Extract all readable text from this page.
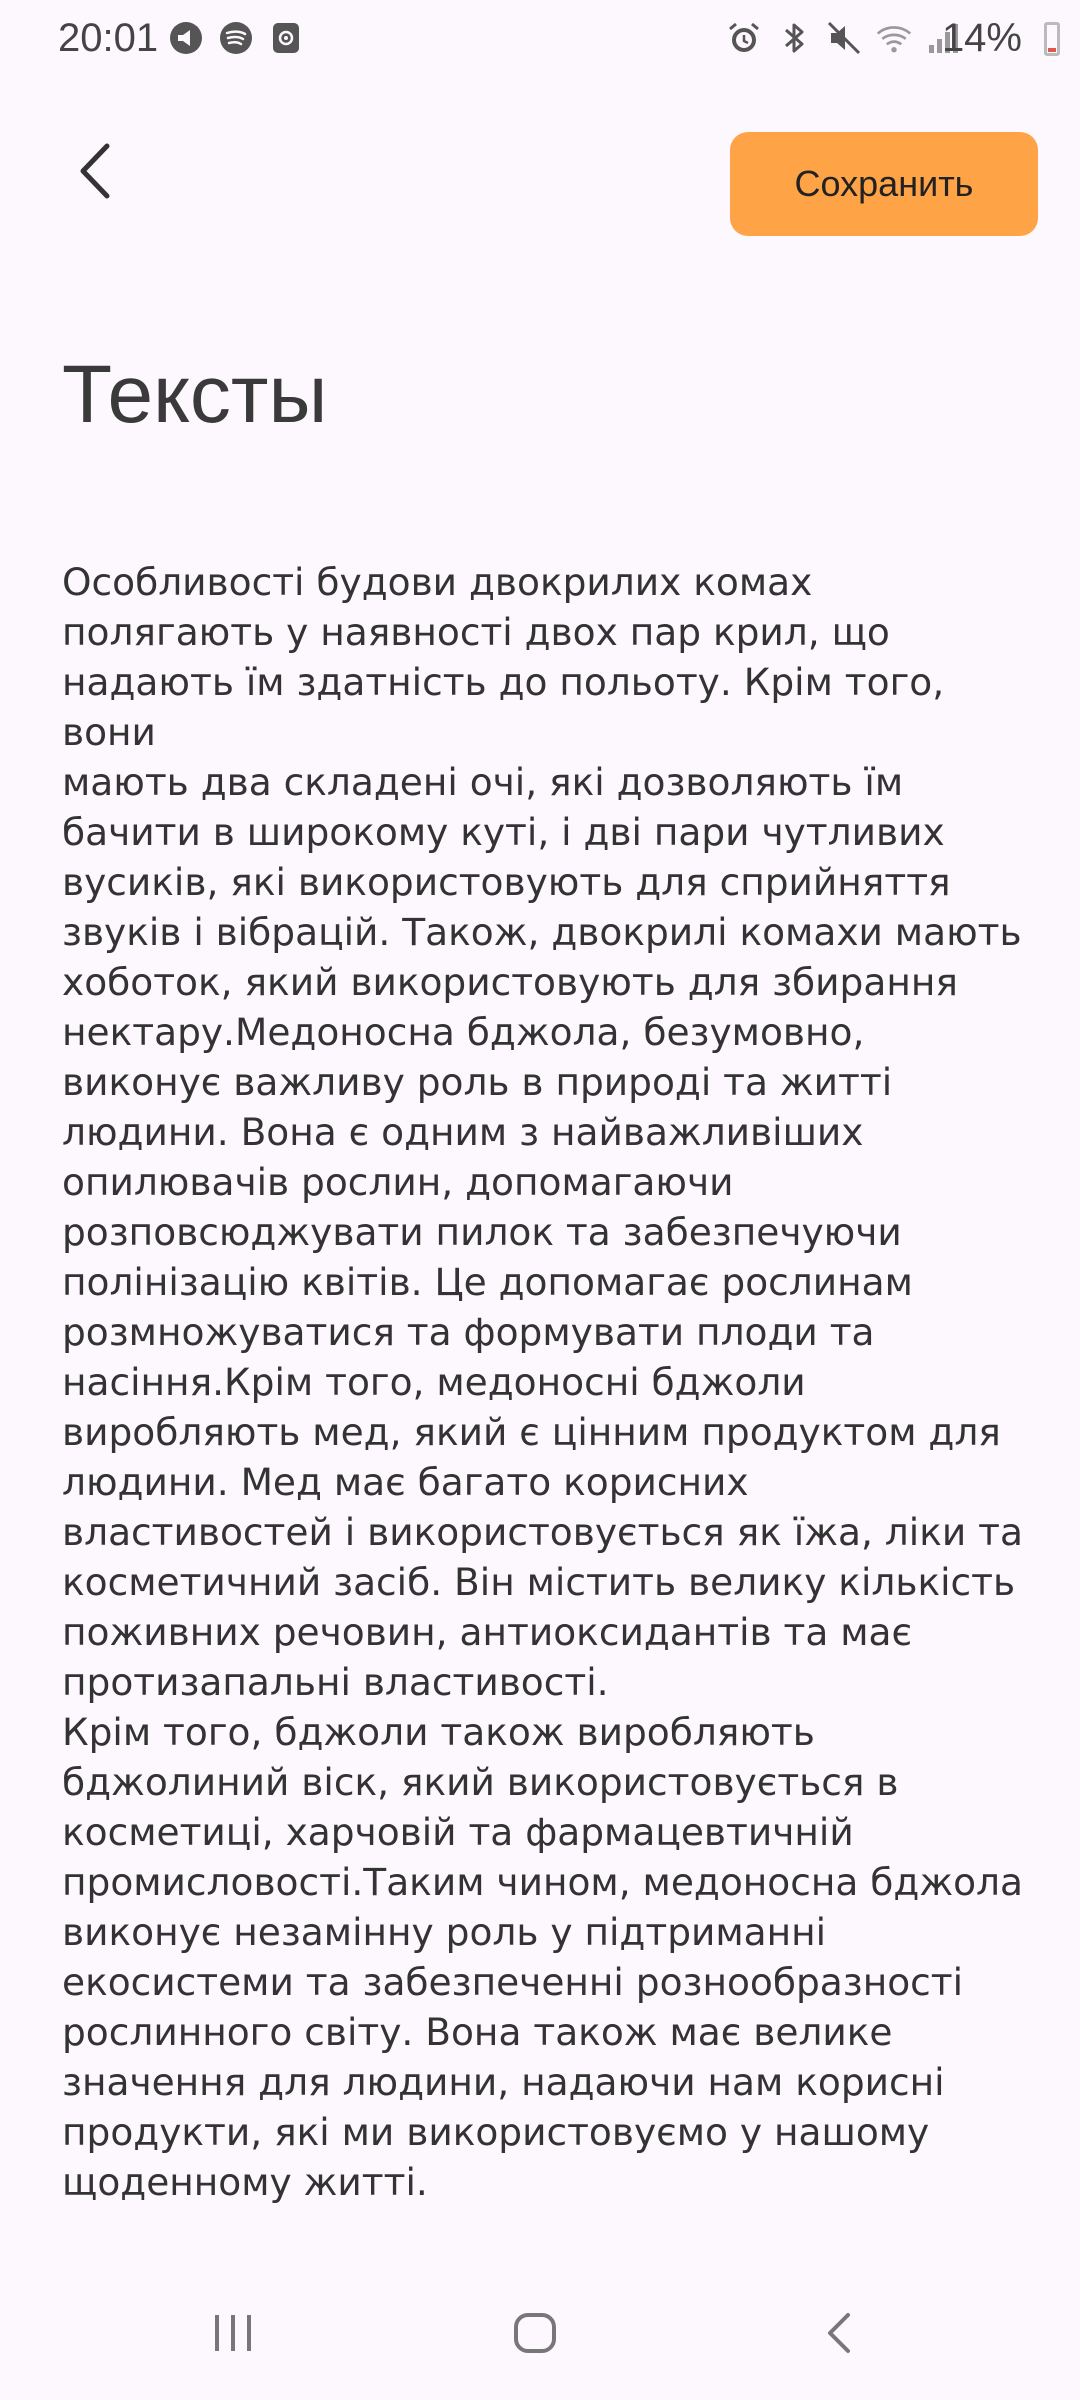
20:01	14%
Сохранить
Тексты

Особливості будови двокрилих комах
полягають у наявності двох пар крил, що
надають їм здатність до польоту. Крім того, вони
мають два складені очі, які дозволяють їм
бачити в широкому куті, і дві пари чутливих
вусиків, які використовують для сприйняття
звуків і вібрацій. Також, двокрилі комахи мають
хоботок, який використовують для збирання
нектару.Медоносна бджола, безумовно,
виконує важливу роль в природі та житті
людини. Вона є одним з найважливіших
опилювачів рослин, допомагаючи
розповсюджувати пилок та забезпечуючи
полінізацію квітів. Це допомагає рослинам
розмножуватися та формувати плоди та
насіння.Крім того, медоносні бджоли
виробляють мед, який є цінним продуктом для
людини. Мед має багато корисних
властивостей і використовується як їжа, ліки та
косметичний засіб. Він містить велику кількість
поживних речовин, антиоксидантів та має
протизапальні властивості.
Крім того, бджоли також виробляють
бджолиний віск, який використовується в
косметиці, харчовій та фармацевтичній
промисловості.Таким чином, медоносна бджола
виконує незамінну роль у підтриманні
екосистеми та забезпеченні розноoбразності
рослинного світу. Вона також має велике
значення для людини, надаючи нам корисні
продукти, які ми використовуємо у нашому
щоденному житті.
